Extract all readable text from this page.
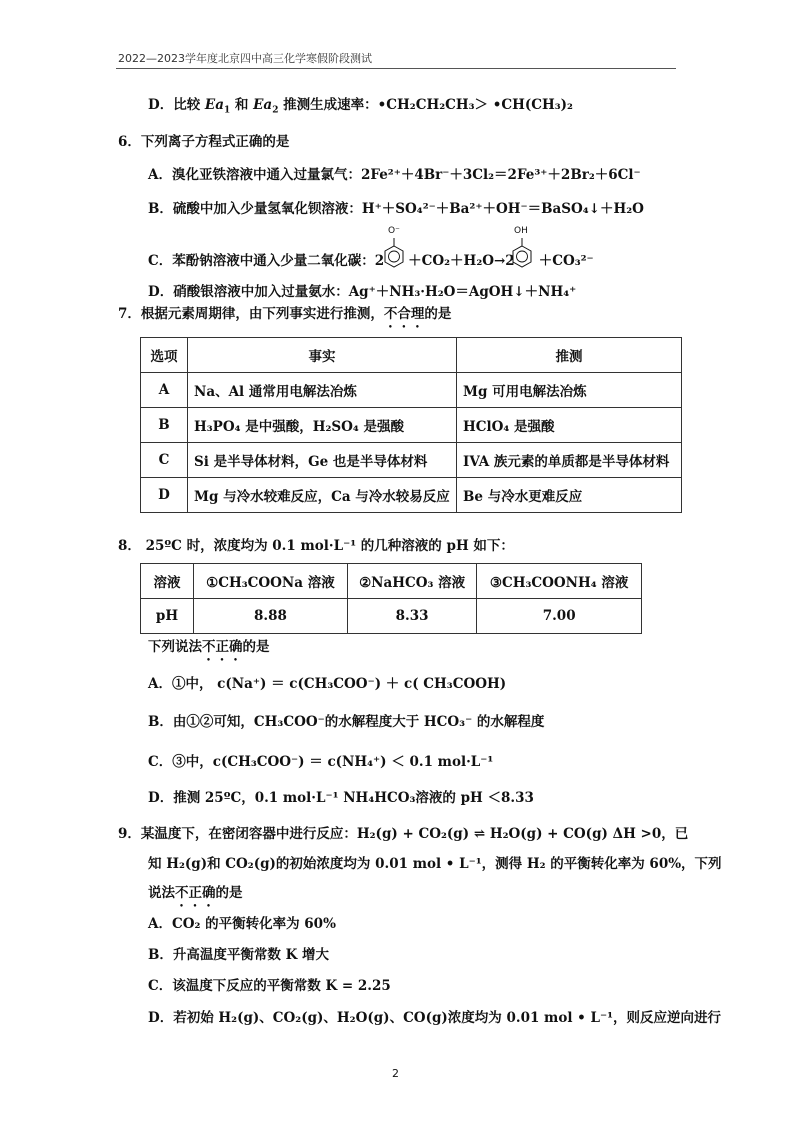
2022—2023学年度北京四中高三化学寒假阶段测试
D．比较 $Ea_1$ 和 $Ea_2$ 推测生成速率：•CH₂CH₂CH₃＞ •CH(CH₃)₂
6．下列离子方程式正确的是
A．溴化亚铁溶液中通入过量氯气：2Fe²⁺＋4Br⁻＋3Cl₂＝2Fe³⁺＋2Br₂＋6Cl⁻
B．硫酸中加入少量氢氧化钡溶液：H⁺＋SO₄²⁻＋Ba²⁺＋OH⁻＝BaSO₄↓＋H₂O
C．苯酚钠溶液中通入少量二氧化碳：2 ＋CO₂＋H₂O→2 ＋CO₃²⁻
O⁻	OH
D．硝酸银溶液中加入过量氨水：Ag⁺＋NH₃·H₂O＝AgOH↓＋NH₄⁺
7．根据元素周期律，由下列事实进行推测，不合理的是
选项	事实	推测
A	Na、Al 通常用电解法冶炼	Mg 可用电解法冶炼
B	H₃PO₄ 是中强酸，H₂SO₄ 是强酸	HClO₄ 是强酸
C	Si 是半导体材料，Ge 也是半导体材料	IVA 族元素的单质都是半导体材料
D	Mg 与冷水较难反应，Ca 与冷水较易反应	Be 与冷水更难反应
8． 25ºC 时，浓度均为 0.1 mol·L⁻¹ 的几种溶液的 pH 如下：
溶液	①CH₃COONa 溶液	②NaHCO₃ 溶液	③CH₃COONH₄ 溶液
pH	8.88	8.33	7.00
下列说法不正确的是
A．①中， c(Na⁺) ＝ c(CH₃COO⁻) ＋ c( CH₃COOH)
B．由①②可知，CH₃COO⁻的水解程度大于 HCO₃⁻ 的水解程度
C．③中，c(CH₃COO⁻) ＝ c(NH₄⁺) ＜ 0.1 mol·L⁻¹
D．推测 25ºC，0.1 mol·L⁻¹ NH₄HCO₃溶液的 pH ＜8.33
9．某温度下，在密闭容器中进行反应：H₂(g) + CO₂(g) ⇌ H₂O(g) + CO(g) ΔH >0，已
知 H₂(g)和 CO₂(g)的初始浓度均为 0.01 mol • L⁻¹，测得 H₂ 的平衡转化率为 60%，下列
说法不正确的是
A．CO₂ 的平衡转化率为 60%
B．升高温度平衡常数 K 增大
C．该温度下反应的平衡常数 K = 2.25
D．若初始 H₂(g)、CO₂(g)、H₂O(g)、CO(g)浓度均为 0.01 mol • L⁻¹，则反应逆向进行
2
